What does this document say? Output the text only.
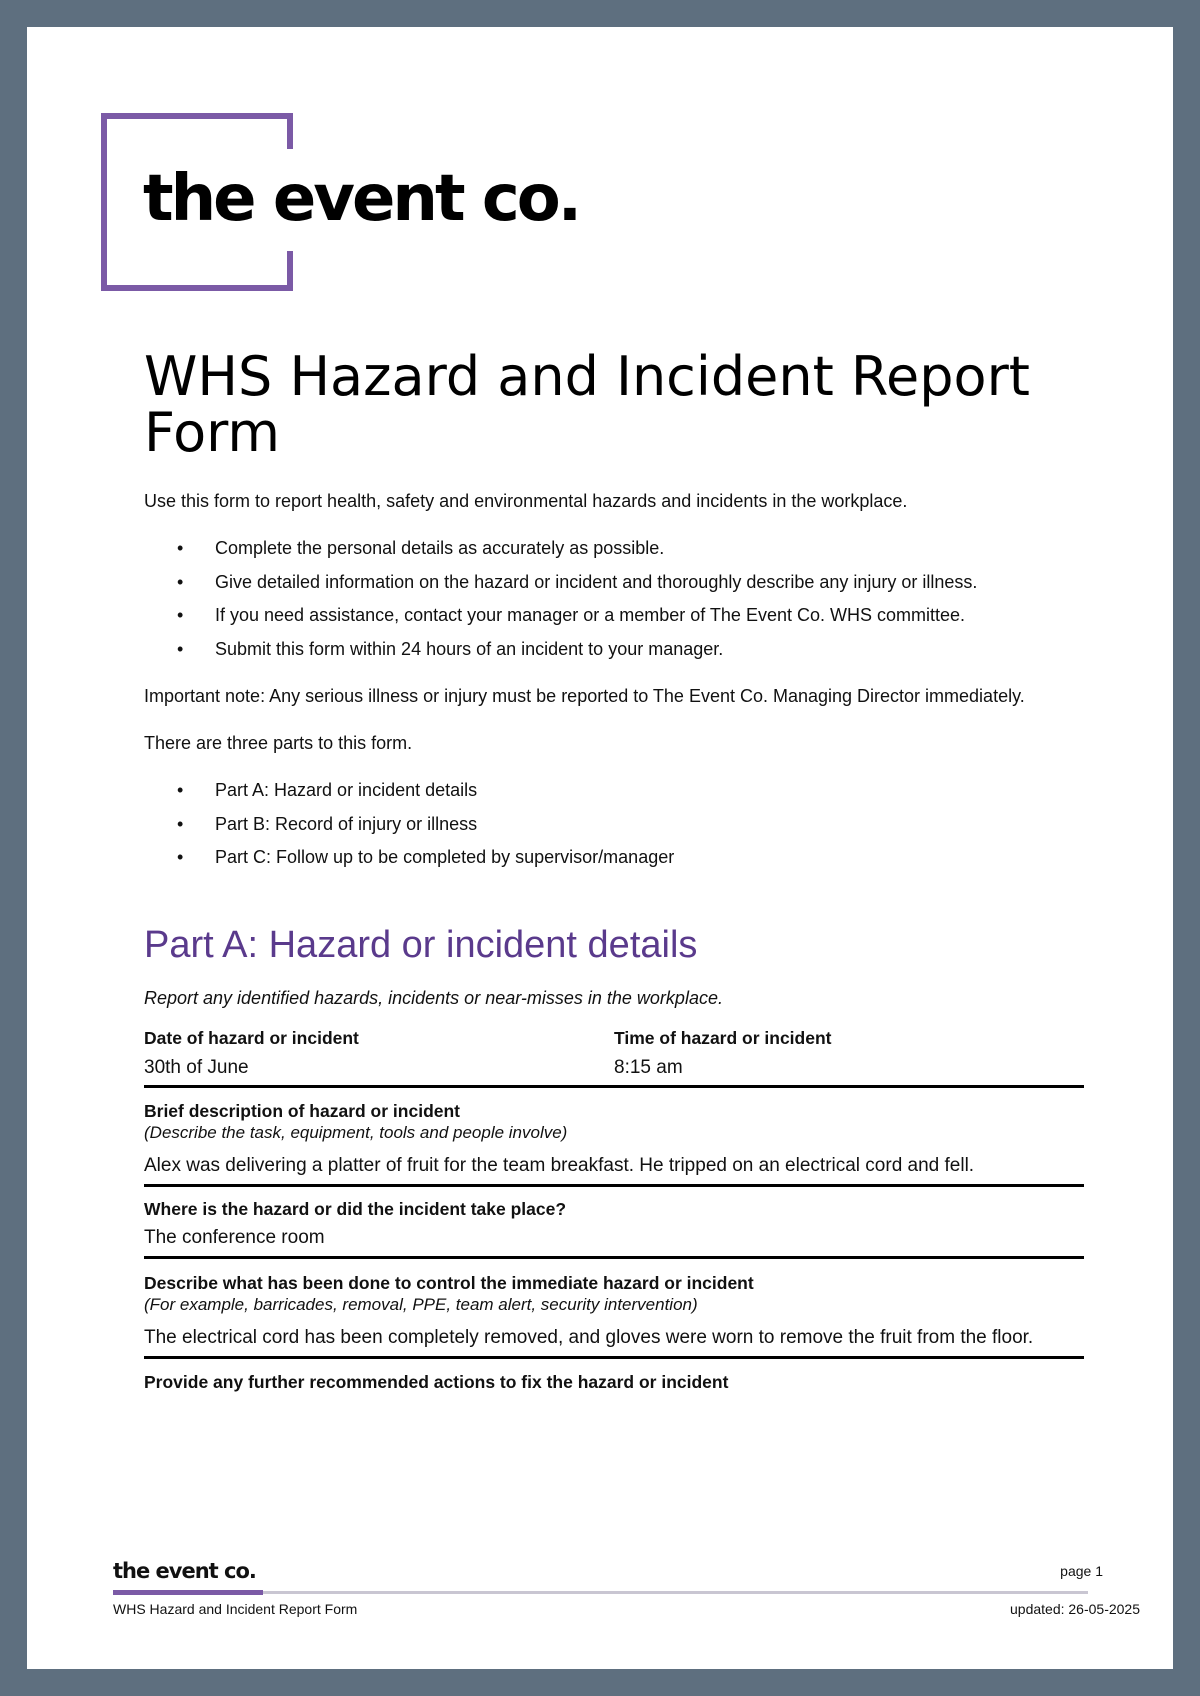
the event co.
WHS Hazard and Incident Report Form

Use this form to report health, safety and environmental hazards and incidents in the workplace.

• Complete the personal details as accurately as possible.
• Give detailed information on the hazard or incident and thoroughly describe any injury or illness.
• If you need assistance, contact your manager or a member of The Event Co. WHS committee.
• Submit this form within 24 hours of an incident to your manager.

Important note: Any serious illness or injury must be reported to The Event Co. Managing Director immediately.

There are three parts to this form.

• Part A: Hazard or incident details
• Part B: Record of injury or illness
• Part C: Follow up to be completed by supervisor/manager
Part A: Hazard or incident details
Report any identified hazards, incidents or near-misses in the workplace.
Date of hazard or incident
30th of June
Time of hazard or incident
8:15 am
Brief description of hazard or incident
(Describe the task, equipment, tools and people involve)
Alex was delivering a platter of fruit for the team breakfast. He tripped on an electrical cord and fell.
Where is the hazard or did the incident take place?
The conference room
Describe what has been done to control the immediate hazard or incident
(For example, barricades, removal, PPE, team alert, security intervention)
The electrical cord has been completely removed, and gloves were worn to remove the fruit from the floor.
Provide any further recommended actions to fix the hazard or incident
the event co.
WHS Hazard and Incident Report Form
page 1
updated: 26-05-2025
